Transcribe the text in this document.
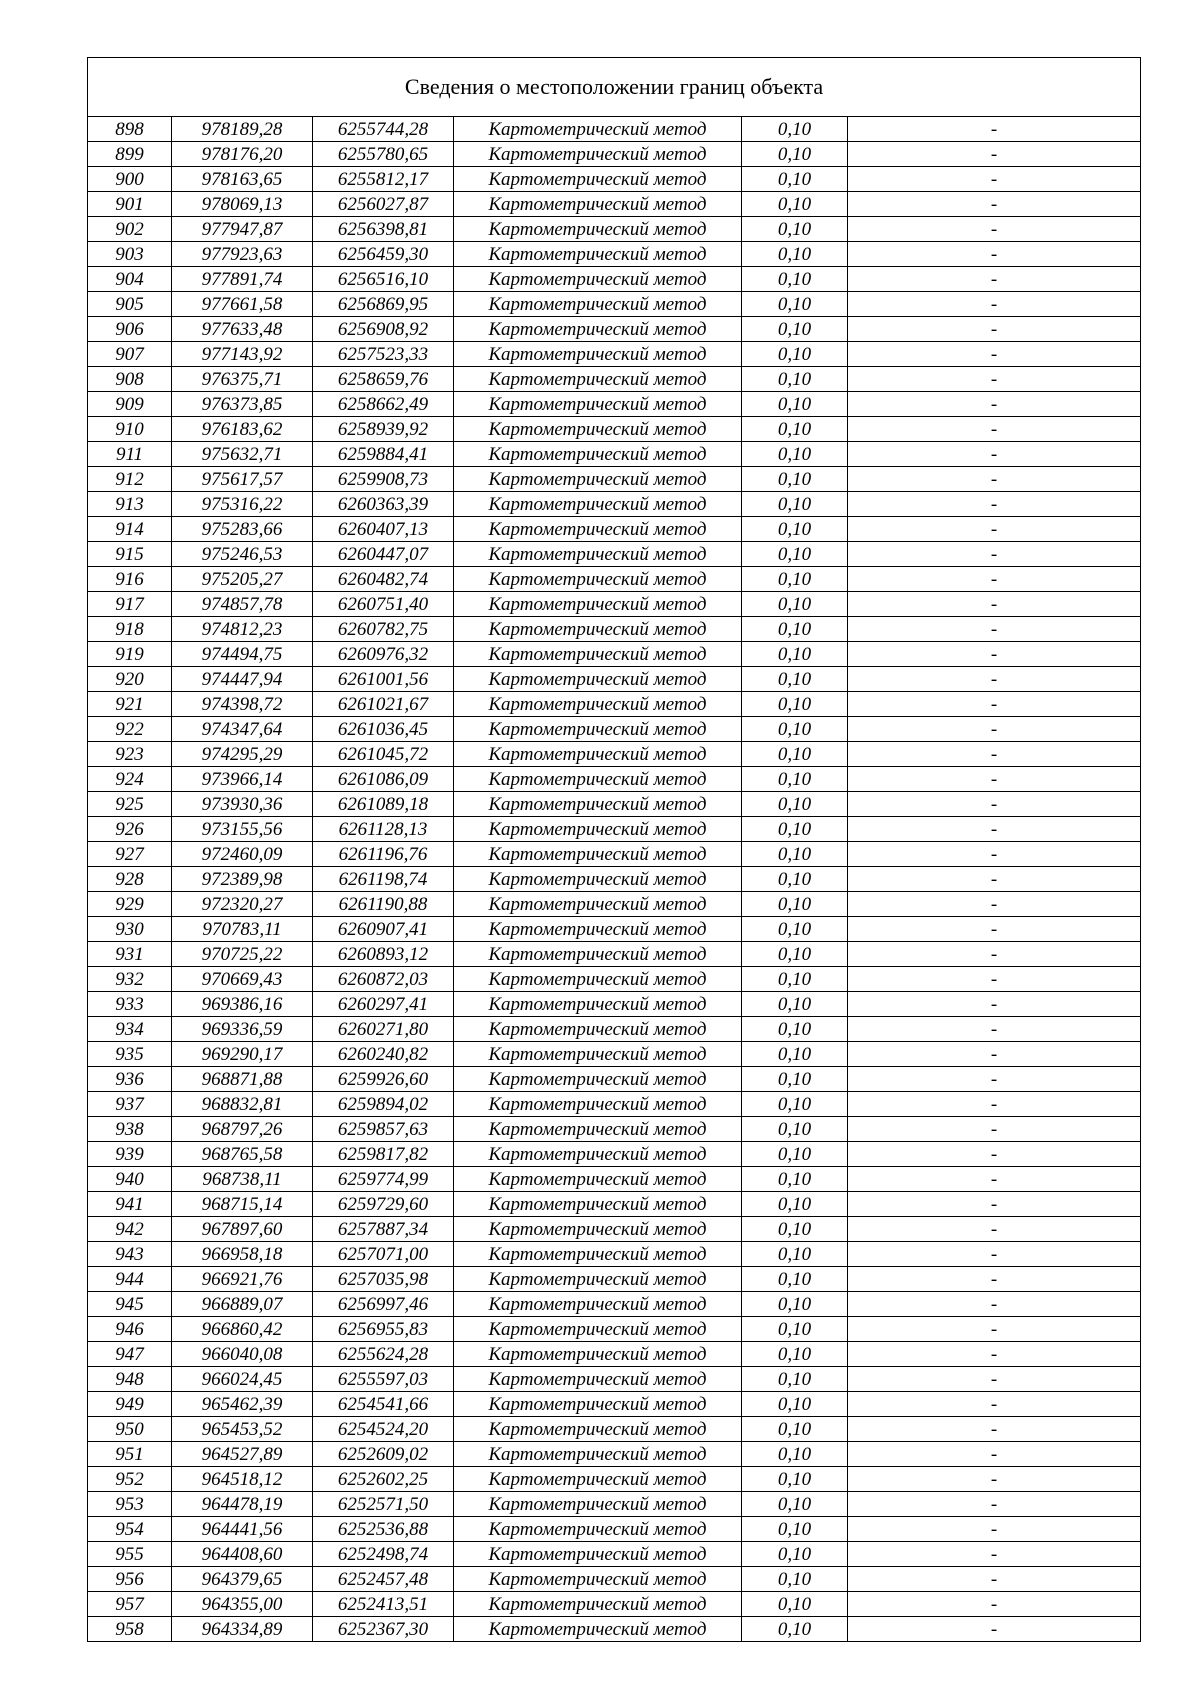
Сведения о местоположении границ объекта					
898	978189,28	6255744,28	Картометрический метод	0,10	-
899	978176,20	6255780,65	Картометрический метод	0,10	-
900	978163,65	6255812,17	Картометрический метод	0,10	-
901	978069,13	6256027,87	Картометрический метод	0,10	-
902	977947,87	6256398,81	Картометрический метод	0,10	-
903	977923,63	6256459,30	Картометрический метод	0,10	-
904	977891,74	6256516,10	Картометрический метод	0,10	-
905	977661,58	6256869,95	Картометрический метод	0,10	-
906	977633,48	6256908,92	Картометрический метод	0,10	-
907	977143,92	6257523,33	Картометрический метод	0,10	-
908	976375,71	6258659,76	Картометрический метод	0,10	-
909	976373,85	6258662,49	Картометрический метод	0,10	-
910	976183,62	6258939,92	Картометрический метод	0,10	-
911	975632,71	6259884,41	Картометрический метод	0,10	-
912	975617,57	6259908,73	Картометрический метод	0,10	-
913	975316,22	6260363,39	Картометрический метод	0,10	-
914	975283,66	6260407,13	Картометрический метод	0,10	-
915	975246,53	6260447,07	Картометрический метод	0,10	-
916	975205,27	6260482,74	Картометрический метод	0,10	-
917	974857,78	6260751,40	Картометрический метод	0,10	-
918	974812,23	6260782,75	Картометрический метод	0,10	-
919	974494,75	6260976,32	Картометрический метод	0,10	-
920	974447,94	6261001,56	Картометрический метод	0,10	-
921	974398,72	6261021,67	Картометрический метод	0,10	-
922	974347,64	6261036,45	Картометрический метод	0,10	-
923	974295,29	6261045,72	Картометрический метод	0,10	-
924	973966,14	6261086,09	Картометрический метод	0,10	-
925	973930,36	6261089,18	Картометрический метод	0,10	-
926	973155,56	6261128,13	Картометрический метод	0,10	-
927	972460,09	6261196,76	Картометрический метод	0,10	-
928	972389,98	6261198,74	Картометрический метод	0,10	-
929	972320,27	6261190,88	Картометрический метод	0,10	-
930	970783,11	6260907,41	Картометрический метод	0,10	-
931	970725,22	6260893,12	Картометрический метод	0,10	-
932	970669,43	6260872,03	Картометрический метод	0,10	-
933	969386,16	6260297,41	Картометрический метод	0,10	-
934	969336,59	6260271,80	Картометрический метод	0,10	-
935	969290,17	6260240,82	Картометрический метод	0,10	-
936	968871,88	6259926,60	Картометрический метод	0,10	-
937	968832,81	6259894,02	Картометрический метод	0,10	-
938	968797,26	6259857,63	Картометрический метод	0,10	-
939	968765,58	6259817,82	Картометрический метод	0,10	-
940	968738,11	6259774,99	Картометрический метод	0,10	-
941	968715,14	6259729,60	Картометрический метод	0,10	-
942	967897,60	6257887,34	Картометрический метод	0,10	-
943	966958,18	6257071,00	Картометрический метод	0,10	-
944	966921,76	6257035,98	Картометрический метод	0,10	-
945	966889,07	6256997,46	Картометрический метод	0,10	-
946	966860,42	6256955,83	Картометрический метод	0,10	-
947	966040,08	6255624,28	Картометрический метод	0,10	-
948	966024,45	6255597,03	Картометрический метод	0,10	-
949	965462,39	6254541,66	Картометрический метод	0,10	-
950	965453,52	6254524,20	Картометрический метод	0,10	-
951	964527,89	6252609,02	Картометрический метод	0,10	-
952	964518,12	6252602,25	Картометрический метод	0,10	-
953	964478,19	6252571,50	Картометрический метод	0,10	-
954	964441,56	6252536,88	Картометрический метод	0,10	-
955	964408,60	6252498,74	Картометрический метод	0,10	-
956	964379,65	6252457,48	Картометрический метод	0,10	-
957	964355,00	6252413,51	Картометрический метод	0,10	-
958	964334,89	6252367,30	Картометрический метод	0,10	-
